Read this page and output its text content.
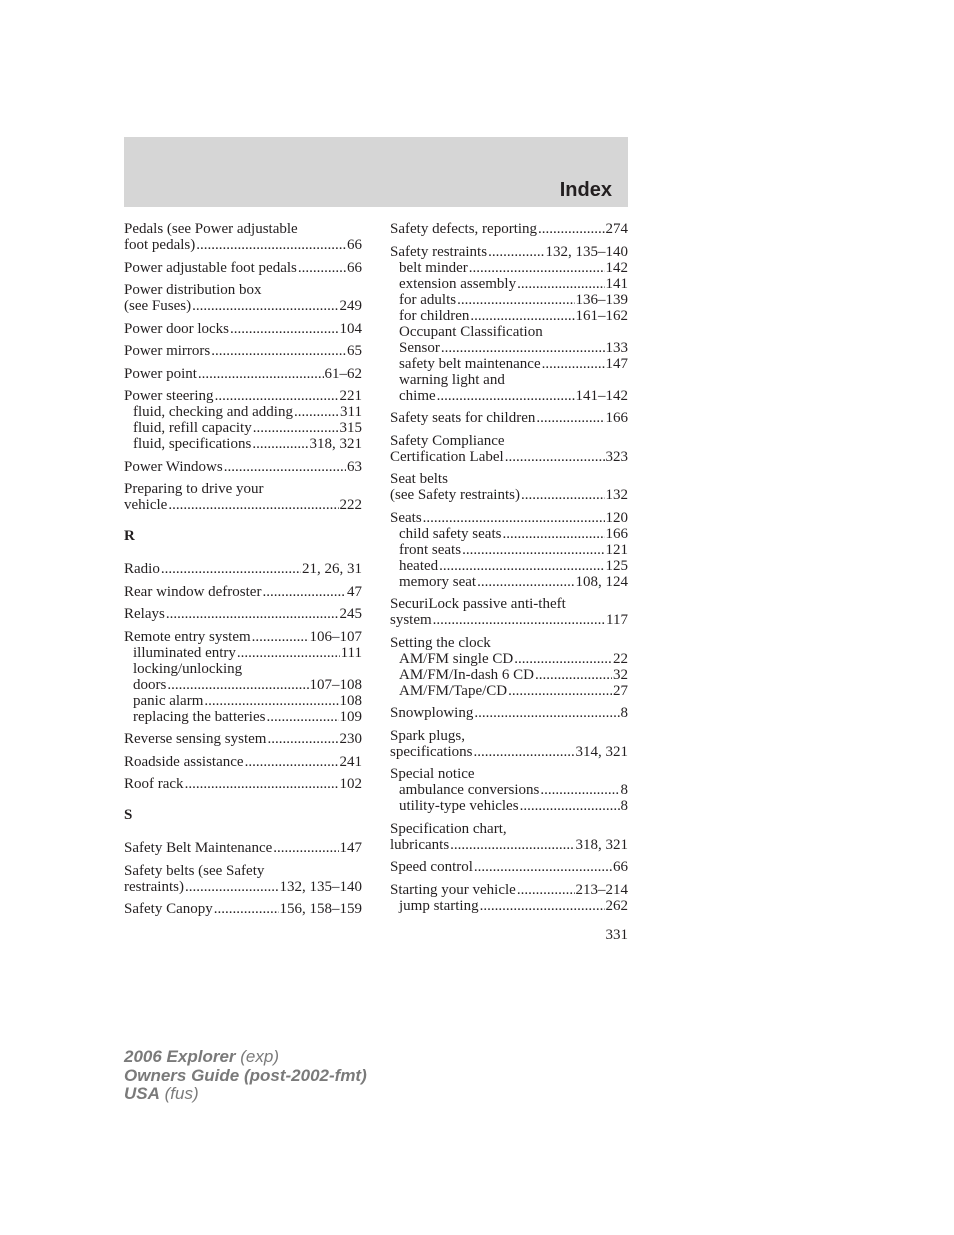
Index
Pedals (see Power adjustable
foot pedals) .....	66
Power adjustable foot pedals .....	66
Power distribution box
(see Fuses) .....	249
Power door locks .....	104
Power mirrors .....	65
Power point .....	61–62
Power steering .....	221
fluid, checking and adding .....	311
fluid, refill capacity .....	315
fluid, specifications .....	318, 321
Power Windows .....	63
Preparing to drive your
vehicle .....	222
R
Radio .....	21, 26, 31
Rear window defroster .....	47
Relays .....	245
Remote entry system .....	106–107
illuminated entry .....	111
locking/unlocking
doors .....	107–108
panic alarm .....	108
replacing the batteries .....	109
Reverse sensing system .....	230
Roadside assistance .....	241
Roof rack .....	102
S
Safety Belt Maintenance .....	147
Safety belts (see Safety
restraints) .....	132, 135–140
Safety Canopy .....	156, 158–159
Safety defects, reporting .....	274
Safety restraints .....	132, 135–140
belt minder .....	142
extension assembly .....	141
for adults .....	136–139
for children .....	161–162
Occupant Classification
Sensor .....	133
safety belt maintenance .....	147
warning light and
chime .....	141–142
Safety seats for children .....	166
Safety Compliance
Certification Label .....	323
Seat belts
(see Safety restraints) .....	132
Seats .....	120
child safety seats .....	166
front seats .....	121
heated .....	125
memory seat .....	108, 124
SecuriLock passive anti-theft
system .....	117
Setting the clock
AM/FM single CD .....	22
AM/FM/In-dash 6 CD .....	32
AM/FM/Tape/CD .....	27
Snowplowing .....	8
Spark plugs,
specifications .....	314, 321
Special notice
ambulance conversions .....	8
utility-type vehicles .....	8
Specification chart,
lubricants .....	318, 321
Speed control .....	66
Starting your vehicle .....	213–214
jump starting .....	262
331
2006 Explorer (exp)
Owners Guide (post-2002-fmt)
USA (fus)
